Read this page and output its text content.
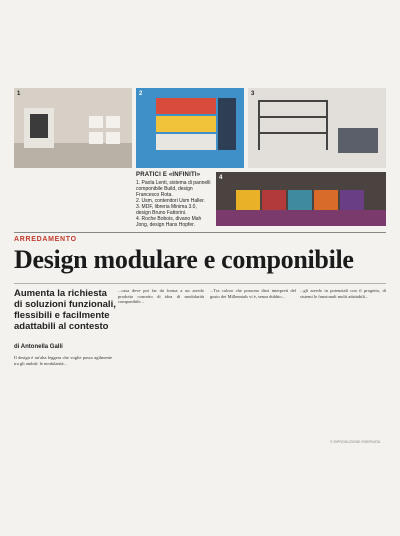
1	2	3
4

PRATICI E «INFINITI»

1. Paola Lenti, sistema di pannelli componibile Build, design Francesco Rota.

2. Usm, contenitori Usm Haller.

3. MDF, libreria Minima 3.0, design Bruno Fattorini.

4. Roche Bobois, divano Mah Jong, design Hans Hopfer.

ARREDAMENTO
Design modulare e componibile
Aumenta la richiesta di soluzioni funzionali, flessibili e facilmente adattabili al contesto
di Antonella Galli

Il design è un'alta leggera che voglie passo agilmente tra gli ambiti: le modularità...

...casa deve poi far da forma a un arredo prodotto concetto di idea di modularità componibile...

...Tra coloro che possono dirsi interpreti del gusto dei Millennials vi è, senza dubbio...

...gli arredo in potenziali con il progetto, di sistemi le funzionali molti adattabili...

© RIPRODUZIONE RISERVATA
